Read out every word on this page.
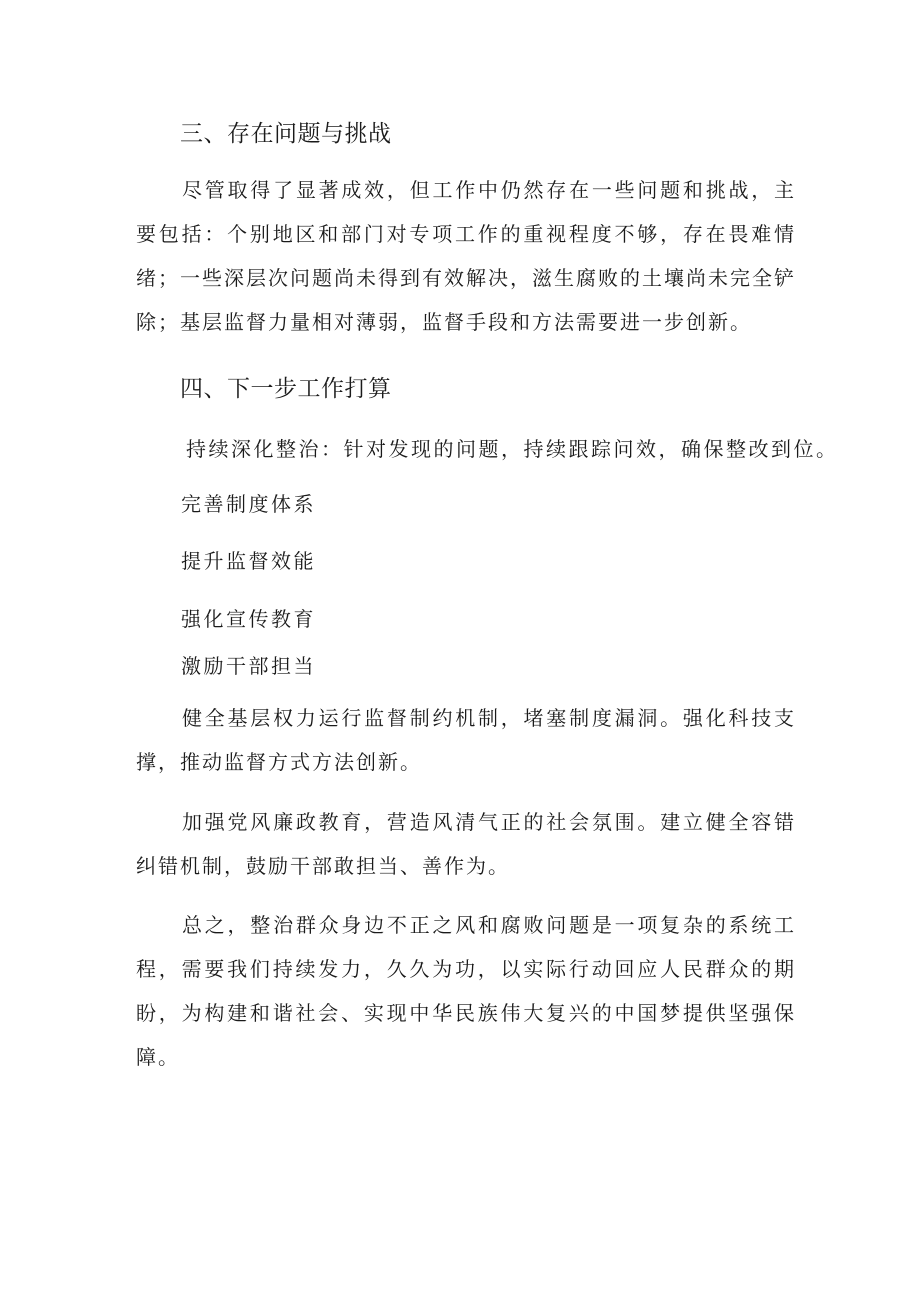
三、存在问题与挑战

尽管取得了显著成效，但工作中仍然存在一些问题和挑战，主要包括：个别地区和部门对专项工作的重视程度不够，存在畏难情绪；一些深层次问题尚未得到有效解决，滋生腐败的土壤尚未完全铲除；基层监督力量相对薄弱，监督手段和方法需要进一步创新。

四、下一步工作打算
持续深化整治：针对发现的问题，持续跟踪问效，确保整改到位。
完善制度体系
提升监督效能
强化宣传教育
激励干部担当

健全基层权力运行监督制约机制，堵塞制度漏洞。强化科技支撑，推动监督方式方法创新。

加强党风廉政教育，营造风清气正的社会氛围。建立健全容错纠错机制，鼓励干部敢担当、善作为。

总之，整治群众身边不正之风和腐败问题是一项复杂的系统工程，需要我们持续发力，久久为功，以实际行动回应人民群众的期盼，为构建和谐社会、实现中华民族伟大复兴的中国梦提供坚强保障。
